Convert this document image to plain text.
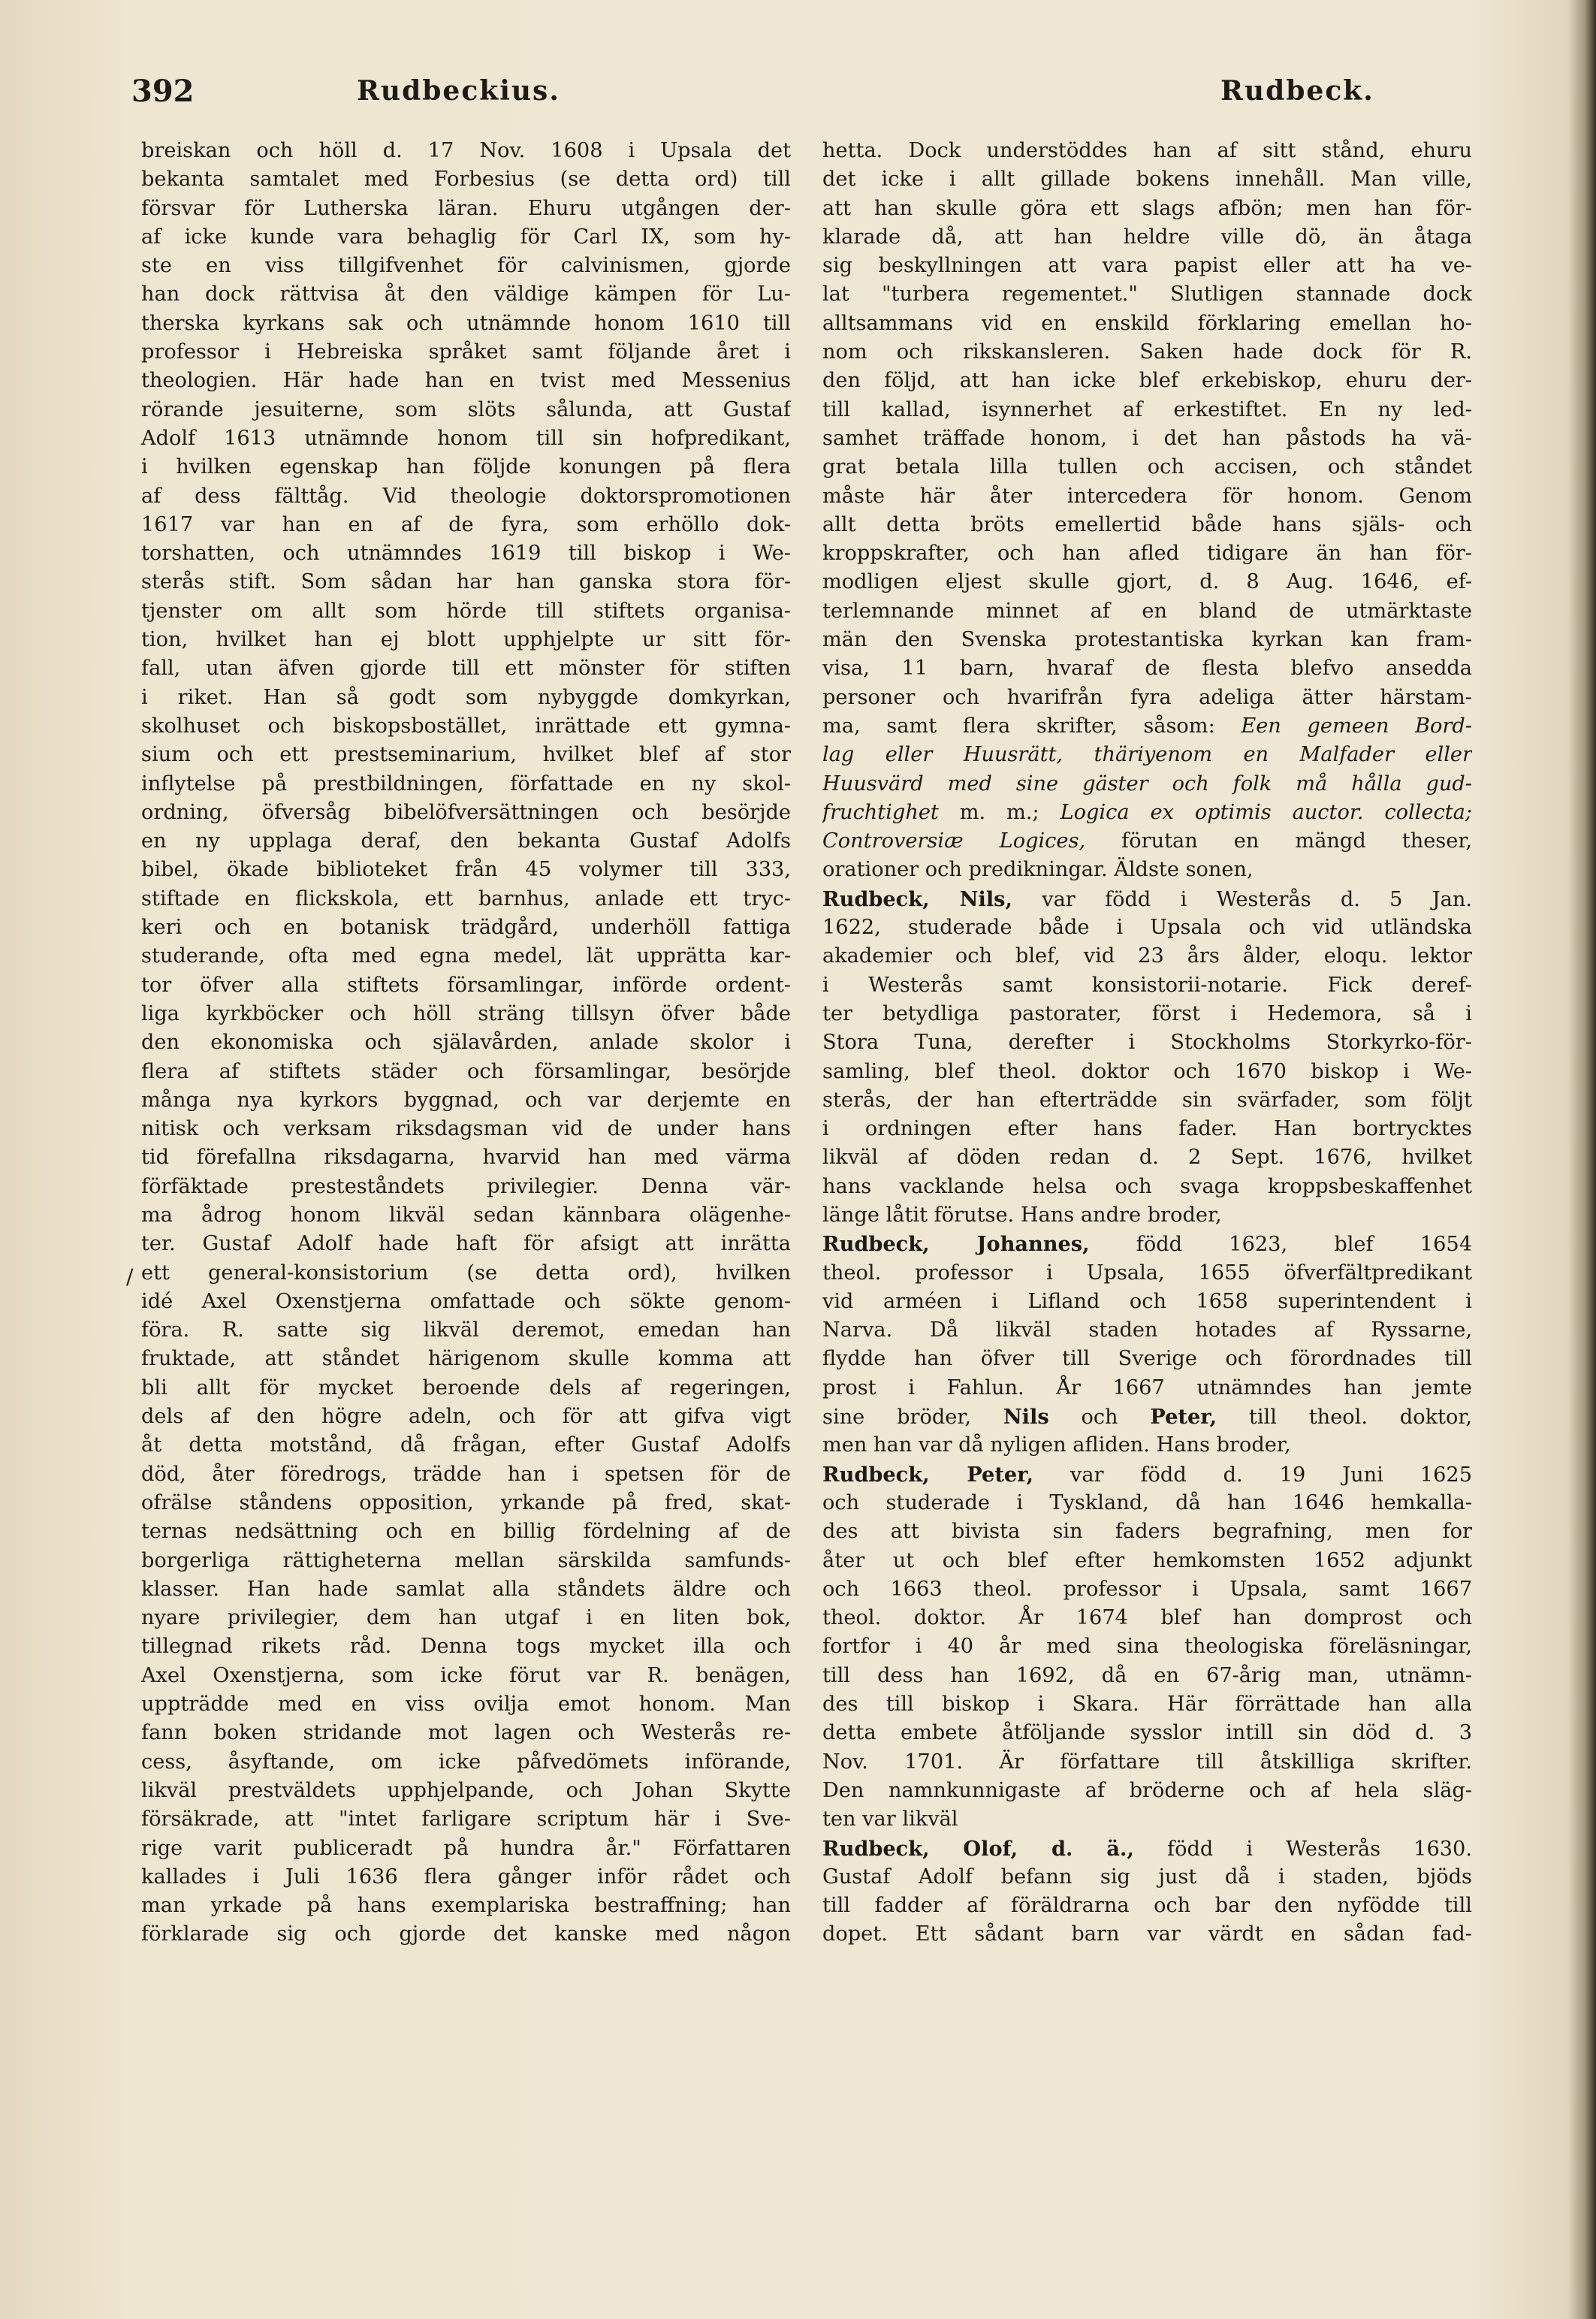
392	Rudbeckius.	Rudbeck.
/
breiskan och höll d. 17 Nov. 1608 i Upsala det
bekanta samtalet med Forbesius (se detta ord) till
försvar för Lutherska läran. Ehuru utgången der-
af icke kunde vara behaglig för Carl IX, som hy-
ste en viss tillgifvenhet för calvinismen, gjorde
han dock rättvisa åt den väldige kämpen för Lu-
therska kyrkans sak och utnämnde honom 1610 till
professor i Hebreiska språket samt följande året i
theologien. Här hade han en tvist med Messenius
rörande jesuiterne, som slöts sålunda, att Gustaf
Adolf 1613 utnämnde honom till sin hofpredikant,
i hvilken egenskap han följde konungen på flera
af dess fälttåg. Vid theologie doktorspromotionen
1617 var han en af de fyra, som erhöllo dok-
torshatten, och utnämndes 1619 till biskop i We-
sterås stift. Som sådan har han ganska stora för-
tjenster om allt som hörde till stiftets organisa-
tion, hvilket han ej blott upphjelpte ur sitt för-
fall, utan äfven gjorde till ett mönster för stiften
i riket. Han så godt som nybyggde domkyrkan,
skolhuset och biskopsbostället, inrättade ett gymna-
sium och ett prestseminarium, hvilket blef af stor
inflytelse på prestbildningen, författade en ny skol-
ordning, öfversåg bibelöfversättningen och besörjde
en ny upplaga deraf, den bekanta Gustaf Adolfs
bibel, ökade biblioteket från 45 volymer till 333,
stiftade en flickskola, ett barnhus, anlade ett tryc-
keri och en botanisk trädgård, underhöll fattiga
studerande, ofta med egna medel, lät upprätta kar-
tor öfver alla stiftets församlingar, införde ordent-
liga kyrkböcker och höll sträng tillsyn öfver både
den ekonomiska och själavården, anlade skolor i
flera af stiftets städer och församlingar, besörjde
många nya kyrkors byggnad, och var derjemte en
nitisk och verksam riksdagsman vid de under hans
tid förefallna riksdagarna, hvarvid han med värma
förfäktade presteståndets privilegier. Denna vär-
ma ådrog honom likväl sedan kännbara olägenhe-
ter. Gustaf Adolf hade haft för afsigt att inrätta
ett general-konsistorium (se detta ord), hvilken
idé Axel Oxenstjerna omfattade och sökte genom-
föra. R. satte sig likväl deremot, emedan han
fruktade, att ståndet härigenom skulle komma att
bli allt för mycket beroende dels af regeringen,
dels af den högre adeln, och för att gifva vigt
åt detta motstånd, då frågan, efter Gustaf Adolfs
död, åter föredrogs, trädde han i spetsen för de
ofrälse ståndens opposition, yrkande på fred, skat-
ternas nedsättning och en billig fördelning af de
borgerliga rättigheterna mellan särskilda samfunds-
klasser. Han hade samlat alla ståndets äldre och
nyare privilegier, dem han utgaf i en liten bok,
tillegnad rikets råd. Denna togs mycket illa och
Axel Oxenstjerna, som icke förut var R. benägen,
uppträdde med en viss ovilja emot honom. Man
fann boken stridande mot lagen och Westerås re-
cess, åsyftande, om icke påfvedömets införande,
likväl prestväldets upphjelpande, och Johan Skytte
försäkrade, att "intet farligare scriptum här i Sve-
rige varit publiceradt på hundra år." Författaren
kallades i Juli 1636 flera gånger inför rådet och
man yrkade på hans exemplariska bestraffning; han
förklarade sig och gjorde det kanske med någon
hetta. Dock understöddes han af sitt stånd, ehuru
det icke i allt gillade bokens innehåll. Man ville,
att han skulle göra ett slags afbön; men han för-
klarade då, att han heldre ville dö, än åtaga
sig beskyllningen att vara papist eller att ha ve-
lat "turbera regementet." Slutligen stannade dock
alltsammans vid en enskild förklaring emellan ho-
nom och rikskansleren. Saken hade dock för R.
den följd, att han icke blef erkebiskop, ehuru der-
till kallad, isynnerhet af erkestiftet. En ny led-
samhet träffade honom, i det han påstods ha vä-
grat betala lilla tullen och accisen, och ståndet
måste här åter intercedera för honom. Genom
allt detta bröts emellertid både hans själs- och
kroppskrafter, och han afled tidigare än han för-
modligen eljest skulle gjort, d. 8 Aug. 1646, ef-
terlemnande minnet af en bland de utmärktaste
män den Svenska protestantiska kyrkan kan fram-
visa, 11 barn, hvaraf de flesta blefvo ansedda
personer och hvarifrån fyra adeliga ätter härstam-
ma, samt flera skrifter, såsom: Een gemeen Bord-
lag eller Huusrätt, thäriyenom en Malfader eller
Huusvärd med sine gäster och folk må hålla gud-
fruchtighet m. m.; Logica ex optimis auctor. collecta;
Controversiæ Logices, förutan en mängd theser,
orationer och predikningar. Äldste sonen,
Rudbeck, Nils, var född i Westerås d. 5 Jan.
1622, studerade både i Upsala och vid utländska
akademier och blef, vid 23 års ålder, eloqu. lektor
i Westerås samt konsistorii-notarie. Fick deref-
ter betydliga pastorater, först i Hedemora, så i
Stora Tuna, derefter i Stockholms Storkyrko-för-
samling, blef theol. doktor och 1670 biskop i We-
sterås, der han efterträdde sin svärfader, som följt
i ordningen efter hans fader. Han bortrycktes
likväl af döden redan d. 2 Sept. 1676, hvilket
hans vacklande helsa och svaga kroppsbeskaffenhet
länge låtit förutse. Hans andre broder,
Rudbeck, Johannes, född 1623, blef 1654
theol. professor i Upsala, 1655 öfverfältpredikant
vid arméen i Lifland och 1658 superintendent i
Narva. Då likväl staden hotades af Ryssarne,
flydde han öfver till Sverige och förordnades till
prost i Fahlun. År 1667 utnämndes han jemte
sine bröder, Nils och Peter, till theol. doktor,
men han var då nyligen afliden. Hans broder,
Rudbeck, Peter, var född d. 19 Juni 1625
och studerade i Tyskland, då han 1646 hemkalla-
des att bivista sin faders begrafning, men for
åter ut och blef efter hemkomsten 1652 adjunkt
och 1663 theol. professor i Upsala, samt 1667
theol. doktor. År 1674 blef han domprost och
fortfor i 40 år med sina theologiska föreläsningar,
till dess han 1692, då en 67-årig man, utnämn-
des till biskop i Skara. Här förrättade han alla
detta embete åtföljande sysslor intill sin död d. 3
Nov. 1701. Är författare till åtskilliga skrifter.
Den namnkunnigaste af bröderne och af hela släg-
ten var likväl
Rudbeck, Olof, d. ä., född i Westerås 1630.
Gustaf Adolf befann sig just då i staden, bjöds
till fadder af föräldrarna och bar den nyfödde till
dopet. Ett sådant barn var värdt en sådan fad-
